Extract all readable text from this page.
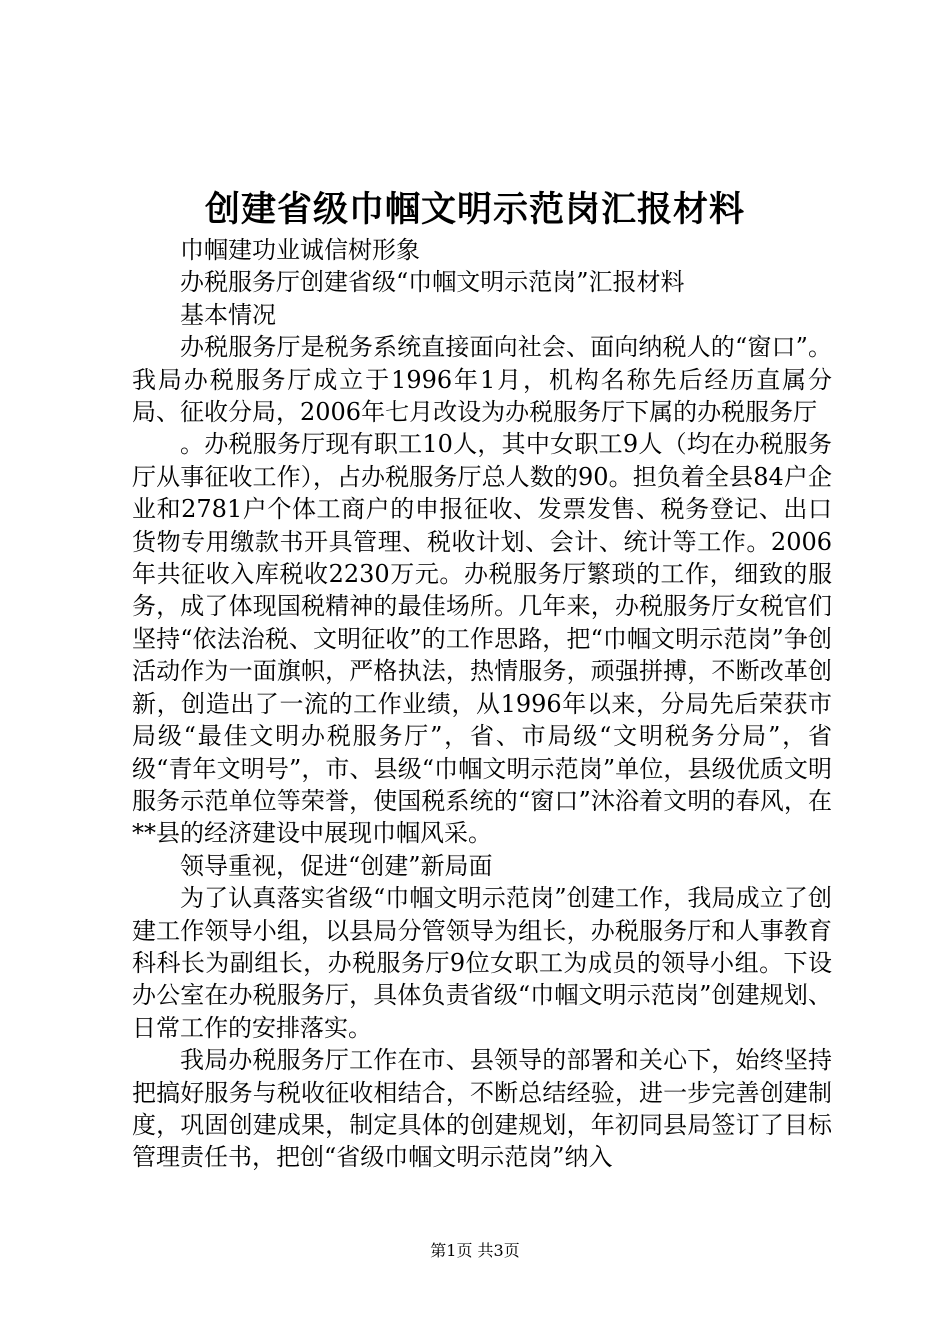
创建省级巾帼文明示范岗汇报材料

巾帼建功业诚信树形象

办税服务厅创建省级“巾帼文明示范岗”汇报材料

基本情况

办税服务厅是税务系统直接面向社会、面向纳税人的“窗口”。我局办税服务厅成立于1996年1月，机构名称先后经历直属分局、征收分局，2006年七月改设为办税服务厅下属的办税服务厅

。办税服务厅现有职工10人，其中女职工9人（均在办税服务厅从事征收工作），占办税服务厅总人数的90。担负着全县84户企业和2781户个体工商户的申报征收、发票发售、税务登记、出口货物专用缴款书开具管理、税收计划、会计、统计等工作。2006年共征收入库税收2230万元。办税服务厅繁琐的工作，细致的服务，成了体现国税精神的最佳场所。几年来，办税服务厅女税官们坚持“依法治税、文明征收”的工作思路，把“巾帼文明示范岗”争创活动作为一面旗帜，严格执法，热情服务，顽强拼搏，不断改革创新，创造出了一流的工作业绩，从1996年以来，分局先后荣获市局级“最佳文明办税服务厅”，省、市局级“文明税务分局”，省级“青年文明号”，市、县级“巾帼文明示范岗”单位，县级优质文明服务示范单位等荣誉，使国税系统的“窗口”沐浴着文明的春风，在**县的经济建设中展现巾帼风采。

领导重视，促进“创建”新局面

为了认真落实省级“巾帼文明示范岗”创建工作，我局成立了创建工作领导小组，以县局分管领导为组长，办税服务厅和人事教育科科长为副组长，办税服务厅9位女职工为成员的领导小组。下设办公室在办税服务厅，具体负责省级“巾帼文明示范岗”创建规划、日常工作的安排落实。

我局办税服务厅工作在市、县领导的部署和关心下，始终坚持把搞好服务与税收征收相结合，不断总结经验，进一步完善创建制度，巩固创建成果，制定具体的创建规划，年初同县局签订了目标管理责任书，把创“省级巾帼文明示范岗”纳入

第1页 共3页
